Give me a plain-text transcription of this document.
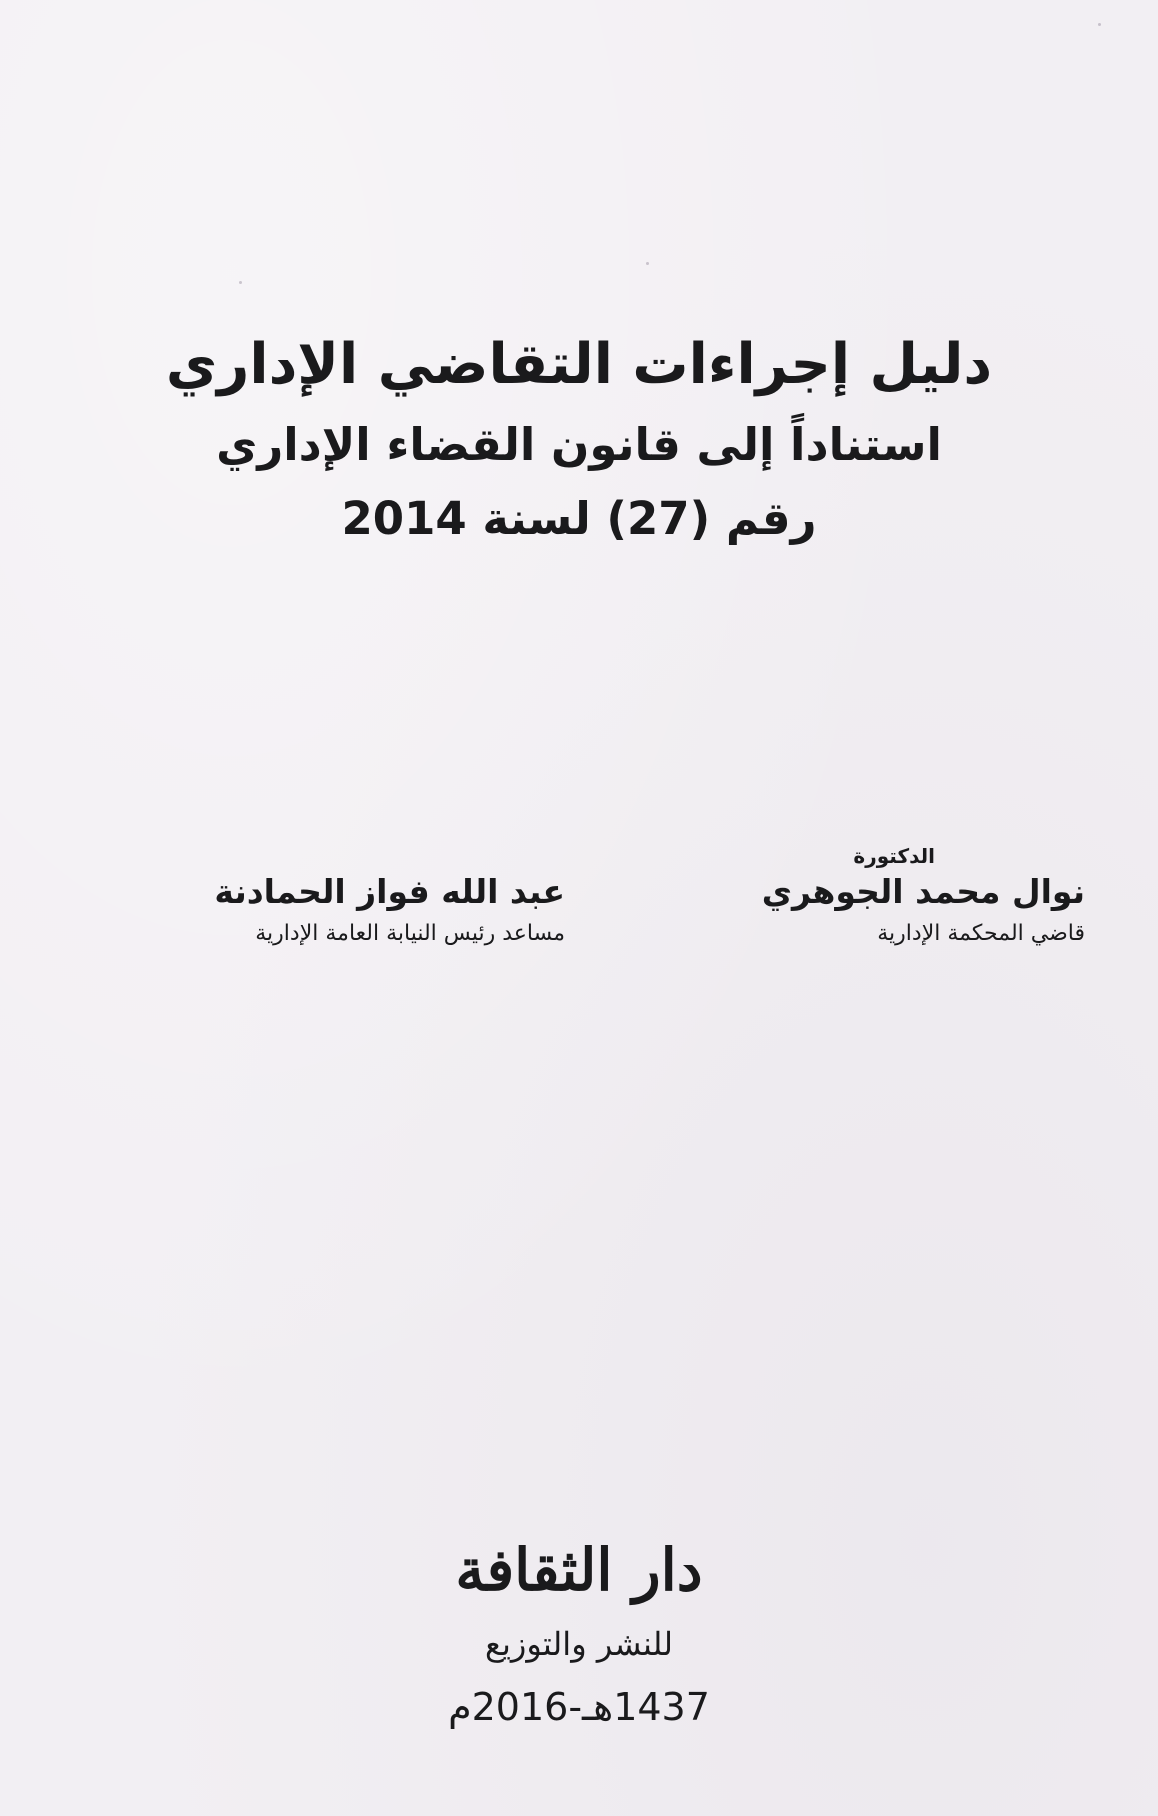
دليل إجراءات التقاضي الإداري
استناداً إلى قانون القضاء الإداري
رقم (27) لسنة 2014
الدكتورة
نوال محمد الجوهري
قاضي المحكمة الإدارية
عبد الله فواز الحمادنة
مساعد رئيس النيابة العامة الإدارية
دار الثقافة
للنشر والتوزيع
1437هـ-2016م
